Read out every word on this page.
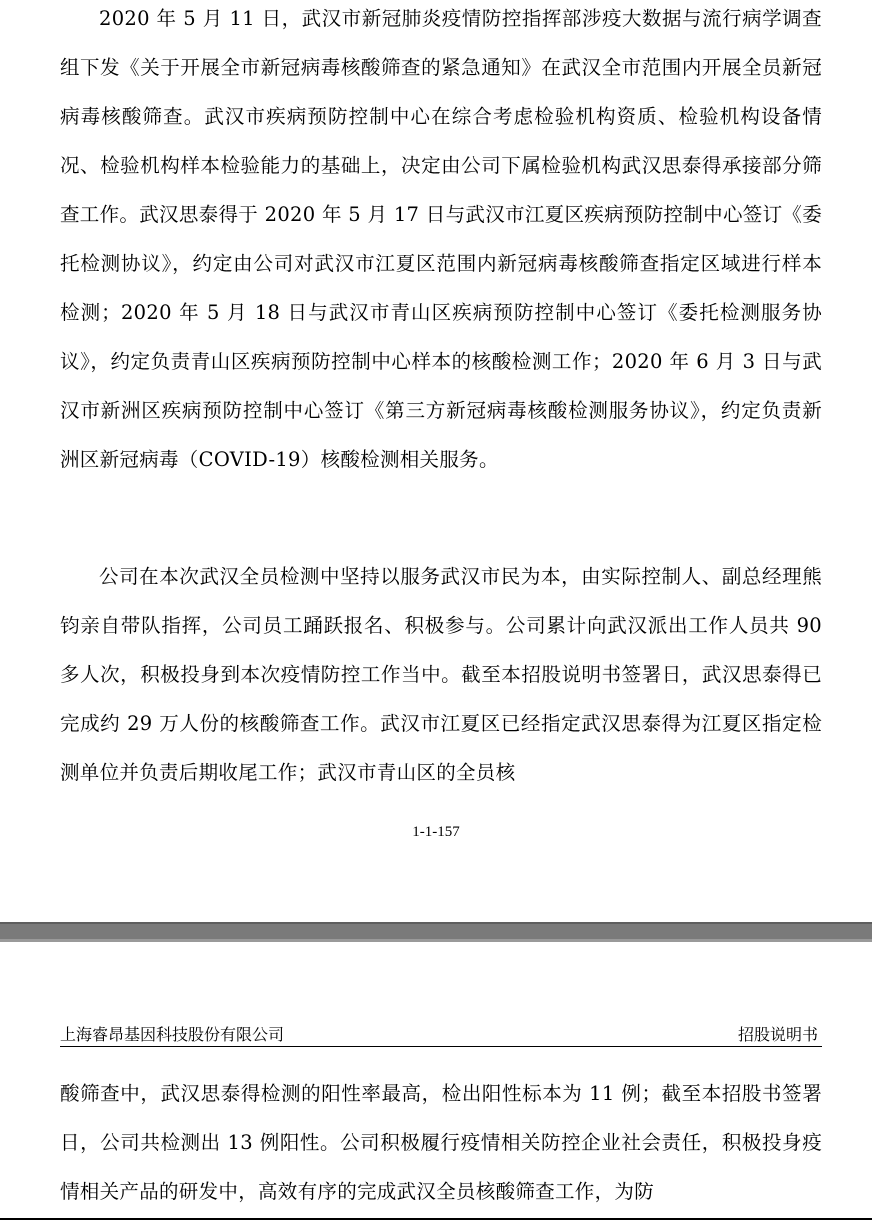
2020 年 5 月 11 日，武汉市新冠肺炎疫情防控指挥部涉疫大数据与流行病学调查组下发《关于开展全市新冠病毒核酸筛查的紧急通知》在武汉全市范围内开展全员新冠病毒核酸筛查。武汉市疾病预防控制中心在综合考虑检验机构资质、检验机构设备情况、检验机构样本检验能力的基础上，决定由公司下属检验机构武汉思泰得承接部分筛查工作。武汉思泰得于 2020 年 5 月 17 日与武汉市江夏区疾病预防控制中心签订《委托检测协议》，约定由公司对武汉市江夏区范围内新冠病毒核酸筛查指定区域进行样本检测；2020 年 5 月 18 日与武汉市青山区疾病预防控制中心签订《委托检测服务协议》，约定负责青山区疾病预防控制中心样本的核酸检测工作；2020 年 6 月 3 日与武汉市新洲区疾病预防控制中心签订《第三方新冠病毒核酸检测服务协议》，约定负责新洲区新冠病毒（COVID-19）核酸检测相关服务。

公司在本次武汉全员检测中坚持以服务武汉市民为本，由实际控制人、副总经理熊钧亲自带队指挥，公司员工踊跃报名、积极参与。公司累计向武汉派出工作人员共 90 多人次，积极投身到本次疫情防控工作当中。截至本招股说明书签署日，武汉思泰得已完成约 29 万人份的核酸筛查工作。武汉市江夏区已经指定武汉思泰得为江夏区指定检测单位并负责后期收尾工作；武汉市青山区的全员核

1-1-157
上海睿昂基因科技股份有限公司	招股说明书

酸筛查中，武汉思泰得检测的阳性率最高，检出阳性标本为 11 例；截至本招股书签署日，公司共检测出 13 例阳性。公司积极履行疫情相关防控企业社会责任，积极投身疫情相关产品的研发中，高效有序的完成武汉全员核酸筛查工作，为防
